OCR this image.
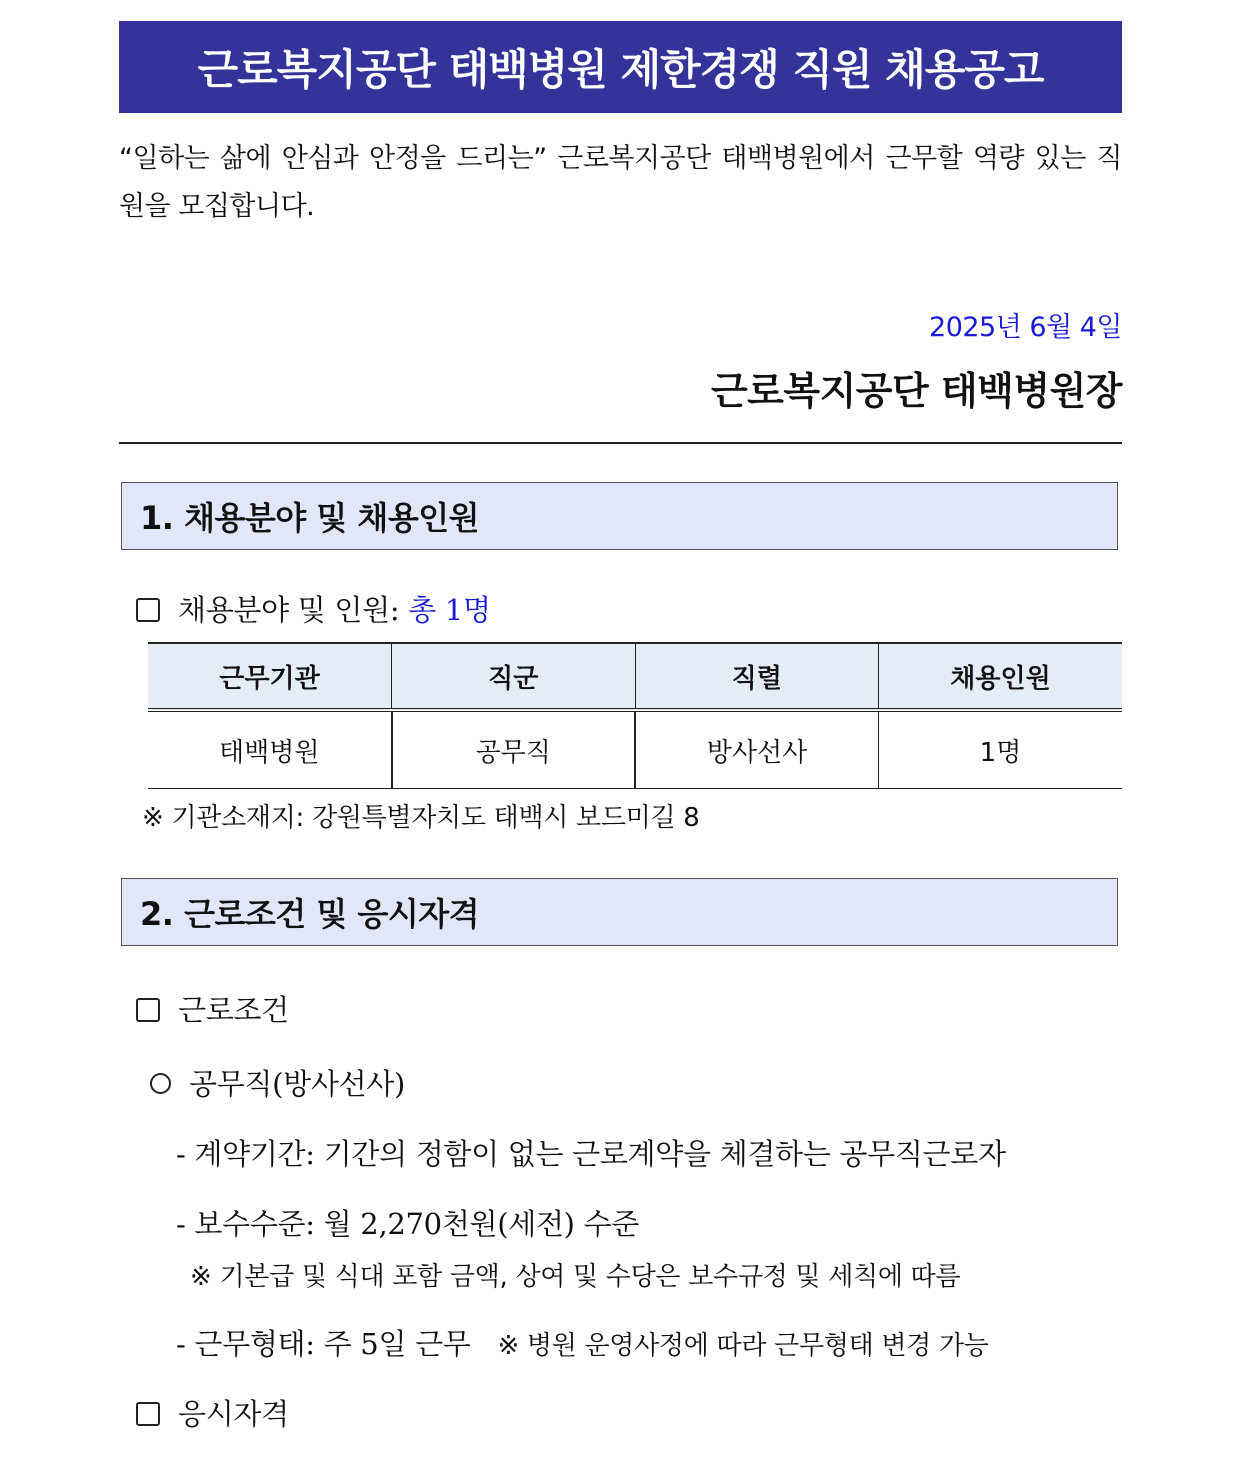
근로복지공단 태백병원 제한경쟁 직원 채용공고
“일하는 삶에 안심과 안정을 드리는” 근로복지공단 태백병원에서 근무할 역량 있는 직원을 모집합니다.
2025년 6월 4일
근로복지공단 태백병원장
1. 채용분야 및 채용인원
채용분야 및 인원: 총 1명
근무기관	직군	직렬	채용인원
태백병원	공무직	방사선사	1명
※ 기관소재지: 강원특별자치도 태백시 보드미길 8
2. 근로조건 및 응시자격
근로조건
공무직(방사선사)
- 계약기간: 기간의 정함이 없는 근로계약을 체결하는 공무직근로자
- 보수수준: 월 2,270천원(세전) 수준
※ 기본급 및 식대 포함 금액, 상여 및 수당은 보수규정 및 세칙에 따름
- 근무형태: 주 5일 근무 ※ 병원 운영사정에 따라 근무형태 변경 가능
응시자격
